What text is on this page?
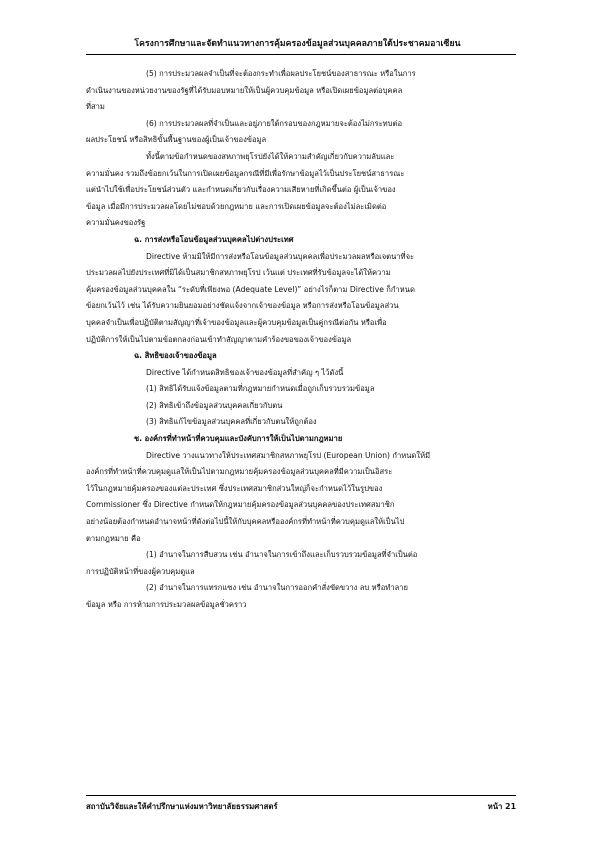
โครงการศึกษาและจัดทำแนวทางการคุ้มครองข้อมูลส่วนบุคคลภายใต้ประชาคมอาเซียน
(5) การประมวลผลจำเป็นที่จะต้องกระทำเพื่อผลประโยชน์ของสาธารณะ หรือในการ
ดำเนินงานของหน่วยงานของรัฐที่ได้รับมอบหมายให้เป็นผู้ควบคุมข้อมูล หรือเปิดเผยข้อมูลต่อบุคคล
ที่สาม
(6) การประมวลผลที่จำเป็นและอยู่ภายใต้กรอบของกฎหมายจะต้องไม่กระทบต่อ
ผลประโยชน์ หรือสิทธิขั้นพื้นฐานของผู้เป็นเจ้าของข้อมูล
ทั้งนี้ตามข้อกำหนดของสหภาพยุโรปยังได้ให้ความสำคัญเกี่ยวกับความลับและ
ความมั่นคง รวมถึงข้อยกเว้นในการเปิดเผยข้อมูลกรณีที่มีเพื่อรักษาข้อมูลไว้เป็นประโยชน์สาธารณะ
แต่นำไปใช้เพื่อประโยชน์ส่วนตัว และกำหนดเกี่ยวกับเรื่องความเสียหายที่เกิดขึ้นต่อ ผู้เป็นเจ้าของ
ข้อมูล เมื่อมีการประมวลผลโดยไม่ชอบด้วยกฎหมาย และการเปิดเผยข้อมูลจะต้องไม่ละเมิดต่อ
ความมั่นคงของรัฐ
ฉ. การส่งหรือโอนข้อมูลส่วนบุคคลไปต่างประเทศ
Directive ห้ามมิให้มีการส่งหรือโอนข้อมูลส่วนบุคคลเพื่อประมวลผลหรือเจตนาที่จะ
ประมวลผลไปยังประเทศที่มิได้เป็นสมาชิกสหภาพยุโรป เว้นแต่ ประเทศที่รับข้อมูลจะได้ให้ความ
คุ้มครองข้อมูลส่วนบุคคลใน “ระดับที่เพียงพอ (Adequate Level)” อย่างไรก็ตาม Directive ก็กำหนด
ข้อยกเว้นไว้ เช่น ได้รับความยินยอมอย่างชัดแจ้งจากเจ้าของข้อมูล หรือการส่งหรือโอนข้อมูลส่วน
บุคคลจำเป็นเพื่อปฏิบัติตามสัญญาที่เจ้าของข้อมูลและผู้ควบคุมข้อมูลเป็นคู่กรณีต่อกัน หรือเพื่อ
ปฏิบัติการให้เป็นไปตามข้อตกลงก่อนเข้าทำสัญญาตามคำร้องขอของเจ้าของข้อมูล
ฉ. สิทธิของเจ้าของข้อมูล
Directive ได้กำหนดสิทธิของเจ้าของข้อมูลที่สำคัญ ๆ ไว้ดังนี้
(1) สิทธิได้รับแจ้งข้อมูลตามที่กฎหมายกำหนดเมื่อถูกเก็บรวบรวมข้อมูล
(2) สิทธิเข้าถึงข้อมูลส่วนบุคคลเกี่ยวกับตน
(3) สิทธิแก้ไขข้อมูลส่วนบุคคลที่เกี่ยวกับตนให้ถูกต้อง
ช. องค์กรที่ทำหน้าที่ควบคุมและบังคับการให้เป็นไปตามกฎหมาย
Directive วางแนวทางให้ประเทศสมาชิกสหภาพยุโรป (European Union) กำหนดให้มี
องค์กรที่ทำหน้าที่ควบคุมดูแลให้เป็นไปตามกฎหมายคุ้มครองข้อมูลส่วนบุคคลที่มีความเป็นอิสระ
ไว้ในกฎหมายคุ้มครองของแต่ละประเทศ ซึ่งประเทศสมาชิกส่วนใหญ่ก็จะกำหนดไว้ในรูปของ
Commissioner ซึ่ง Directive กำหนดให้กฎหมายคุ้มครองข้อมูลส่วนบุคคลของประเทศสมาชิก
อย่างน้อยต้องกำหนดอำนาจหน้าที่ดังต่อไปนี้ให้กับบุคคลหรือองค์กรที่ทำหน้าที่ควบคุมดูแลให้เป็นไป
ตามกฎหมาย คือ
(1) อำนาจในการสืบสวน เช่น อำนาจในการเข้าถึงและเก็บรวบรวมข้อมูลที่จำเป็นต่อ
การปฏิบัติหน้าที่ของผู้ควบคุมดูแล
(2) อำนาจในการแทรกแซง เช่น อำนาจในการออกคำสั่งขัดขวาง ลบ หรือทำลาย
ข้อมูล หรือ การห้ามการประมวลผลข้อมูลชั่วคราว
สถาบันวิจัยและให้คำปรึกษาแห่งมหาวิทยาลัยธรรมศาสตร์	หน้า 21
